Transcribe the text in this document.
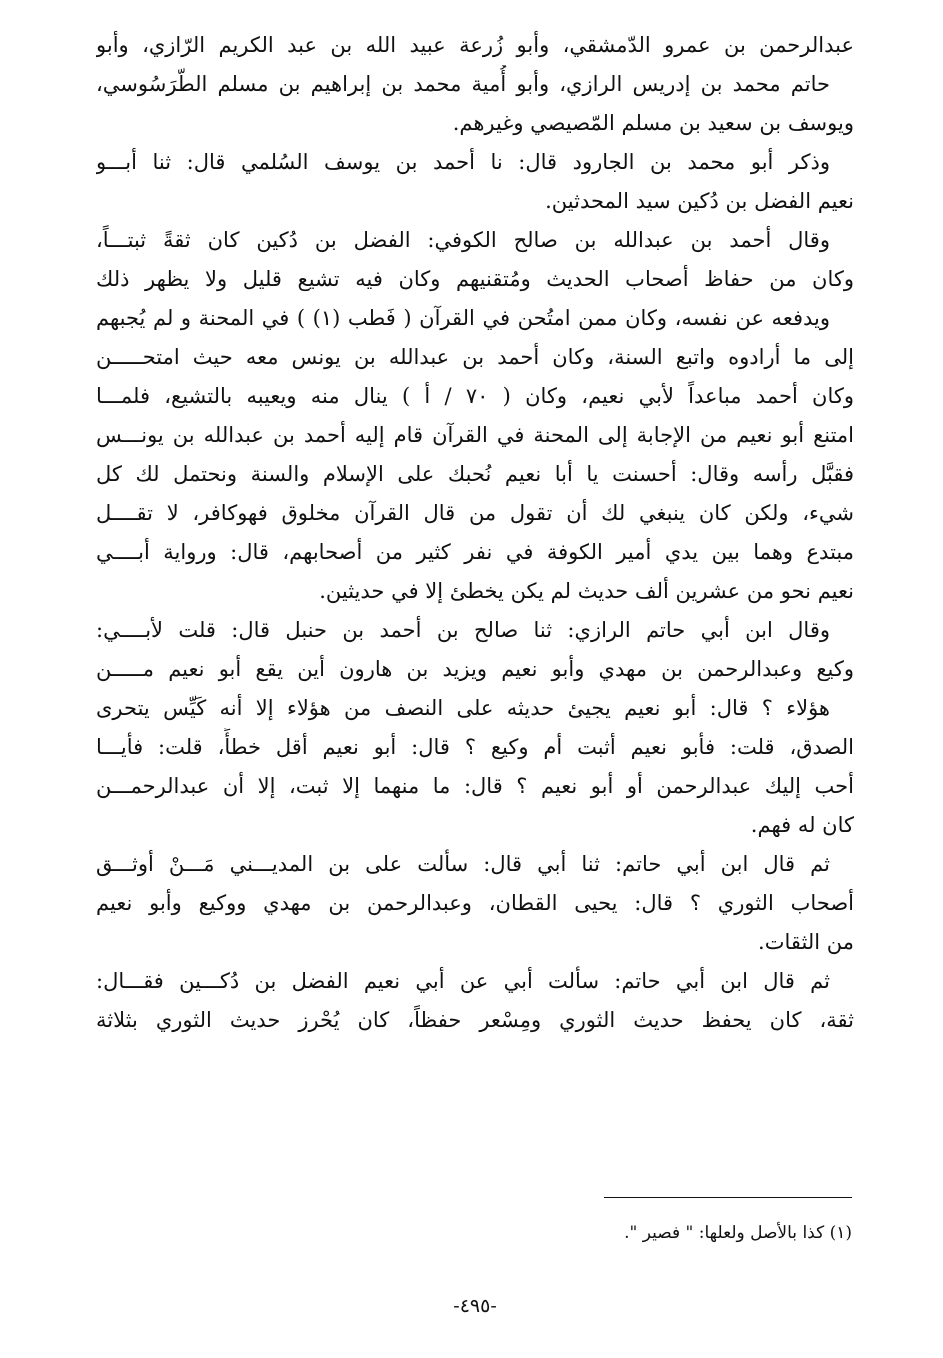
عبدالرحمن بن عمرو الدّمشقي، وأبو زُرعة عبيد الله بن عبد الكريم الرّازي، وأبو
حاتم محمد بن إدريس الرازي، وأبو أُمية محمد بن إبراهيم بن مسلم الطّرَسُوسي،
ويوسف بن سعيد بن مسلم المّصيصي وغيرهم.
وذكر أبو محمد بن الجارود قال: نا أحمد بن يوسف السُلمي قال: ثنا أبـــو
نعيم الفضل بن دُكين سيد المحدثين.
وقال أحمد بن عبدالله بن صالح الكوفي: الفضل بن دُكين كان ثقةً ثبتـــاً،
وكان من حفاظ أصحاب الحديث ومُتقنيهم وكان فيه تشيع قليل ولا يظهر ذلك
ويدفعه عن نفسه، وكان ممن امتُحن في القرآن ( فَطب (١) ) في المحنة و لم يُجبهم
إلى ما أرادوه واتبع السنة، وكان أحمد بن عبدالله بن يونس معه حيث امتحـــــن
وكان أحمد مباعداً لأبي نعيم، وكان ( ٧٠ / أ ) ينال منه ويعيبه بالتشيع، فلمـــا
امتنع أبو نعيم من الإجابة إلى المحنة في القرآن قام إليه أحمد بن عبدالله بن يونـــس
فقبَّل رأسه وقال: أحسنت يا أبا نعيم نُحبك على الإسلام والسنة ونحتمل لك كل
شيء، ولكن كان ينبغي لك أن تقول من قال القرآن مخلوق فهوكافر، لا تقــــل
مبتدع وهما بين يدي أمير الكوفة في نفر كثير من أصحابهم، قال: ورواية أبــــي
نعيم نحو من عشرين ألف حديث لم يكن يخطئ إلا في حديثين.
وقال ابن أبي حاتم الرازي: ثنا صالح بن أحمد بن حنبل قال: قلت لأبــــي:
وكيع وعبدالرحمن بن مهدي وأبو نعيم ويزيد بن هارون أين يقع أبو نعيم مـــــن
هؤلاء ؟ قال: أبو نعيم يجيئ حديثه على النصف من هؤلاء إلا أنه كَيِّس يتحرى
الصدق، قلت: فأبو نعيم أثبت أم وكيع ؟ قال: أبو نعيم أقل خطأً، قلت: فأيـــا
أحب إليك عبدالرحمن أو أبو نعيم ؟ قال: ما منهما إلا ثبت، إلا أن عبدالرحمـــن
كان له فهم.
ثم قال ابن أبي حاتم: ثنا أبي قال: سألت على بن المديـــني مَـــنْ أوثـــق
أصحاب الثوري ؟ قال: يحيى القطان، وعبدالرحمن بن مهدي ووكيع وأبو نعيم
من الثقات.
ثم قال ابن أبي حاتم: سألت أبي عن أبي نعيم الفضل بن دُكـــين فقـــال:
ثقة، كان يحفظ حديث الثوري ومِسْعر حفظاً، كان يُحْرز حديث الثوري بثلاثة
(١) كذا بالأصل ولعلها: " فصير ".
-٤٩٥-
